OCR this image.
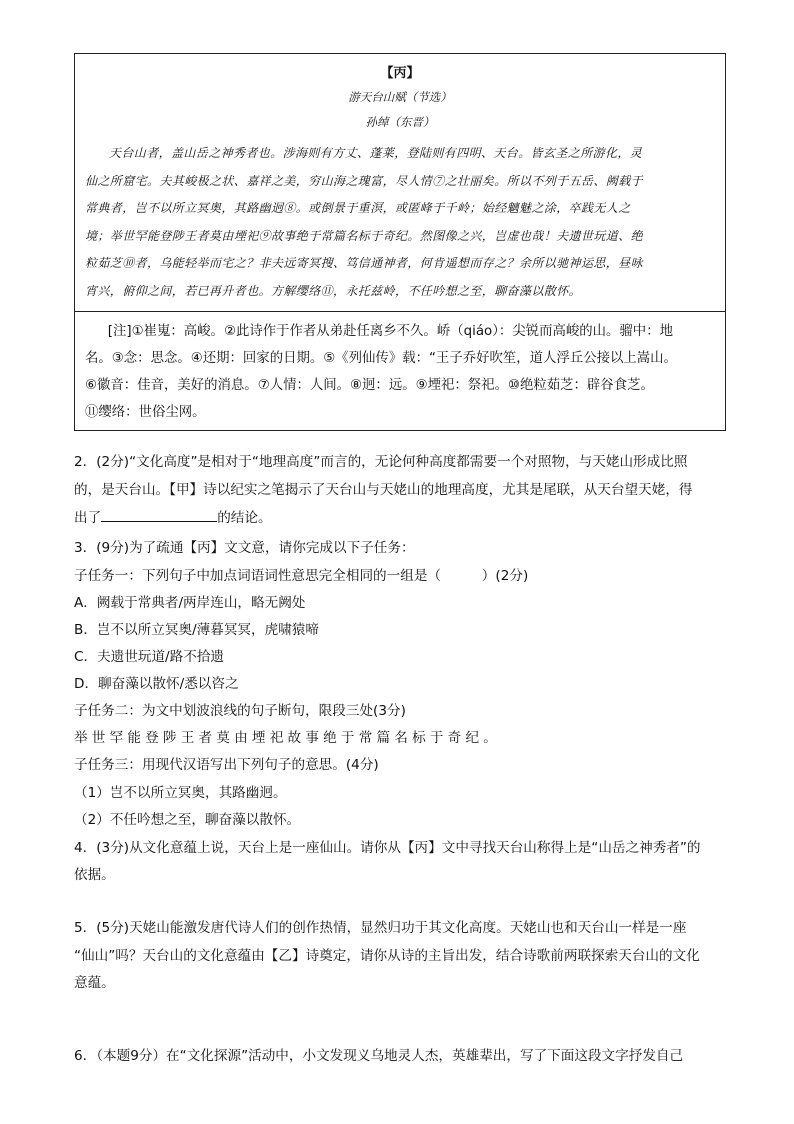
【丙】
游天台山赋（节选）
孙绰（东晋）

天台山者，盖山岳之神秀者也。涉海则有方丈、蓬莱，登陆则有四明、天台。皆玄圣之所游化，灵

仙之所窟宅。夫其峻极之状、嘉祥之美，穷山海之瑰富，尽人情⑦之壮丽矣。所以不列于五岳、阙载于

常典者，岂不以所立冥奥，其路幽迥⑧。或倒景于重溟，或匿峰于千岭；始经魑魅之涂，卒践无人之

境；举世罕能登陟王者莫由堙祀⑨故事绝于常篇名标于奇纪。然图像之兴，岂虚也哉！夫遗世玩道、绝

粒茹芝⑩者，乌能轻举而宅之？非夫远寄冥搜、笃信通神者，何肯遥想而存之？余所以驰神运思，昼咏

宵兴，俯仰之间，若已再升者也。方解缨络⑪，永托兹岭，不任吟想之至，聊奋藻以散怀。

[注]①崔嵬：高峻。②此诗作于作者从弟赴任离乡不久。峤（qiáo）：尖锐而高峻的山。骝中：地

名。③念：思念。④还期：回家的日期。⑤《列仙传》载：“王子乔好吹笙，道人浮丘公接以上嵩山。

⑥徽音：佳音，美好的消息。⑦人情：人间。⑧迥：远。⑨堙祀：祭祀。⑩绝粒茹芝：辟谷食芝。

⑪缨络：世俗尘网。

2．(2分)“文化高度”是相对于“地理高度”而言的，无论何种高度都需要一个对照物，与天姥山形成比照
的，是天台山。【甲】诗以纪实之笔揭示了天台山与天姥山的地理高度，尤其是尾联，从天台望天姥，得
出了	的结论。
3．(9分)为了疏通【丙】文文意，请你完成以下子任务：
子任务一：下列句子中加点词语词性意思完全相同的一组是（　　　）(2分)
A．阙载于常典者/两岸连山，略无阙处
B．岂不以所立冥奥/薄暮冥冥，虎啸猿啼
C．夫遗世玩道/路不拾遗
D．聊奋藻以散怀/悉以咨之
子任务二：为文中划波浪线的句子断句，限段三处(3分)
举世罕能登陟王者莫由堙祀故事绝于常篇名标于奇纪。
子任务三：用现代汉语写出下列句子的意思。(4分)
（1）岂不以所立冥奥，其路幽迥。
（2）不任吟想之至，聊奋藻以散怀。
4．(3分)从文化意蕴上说，天台上是一座仙山。请你从【丙】文中寻找天台山称得上是“山岳之神秀者”的
依据。
5．(5分)天姥山能激发唐代诗人们的创作热情，显然归功于其文化高度。天姥山也和天台山一样是一座
“仙山”吗？天台山的文化意蕴由【乙】诗奠定，请你从诗的主旨出发，结合诗歌前两联探索天台山的文化
意蕴。
6．（本题9分）在“文化探源”活动中，小文发现义乌地灵人杰，英雄辈出，写了下面这段文字抒发自己
